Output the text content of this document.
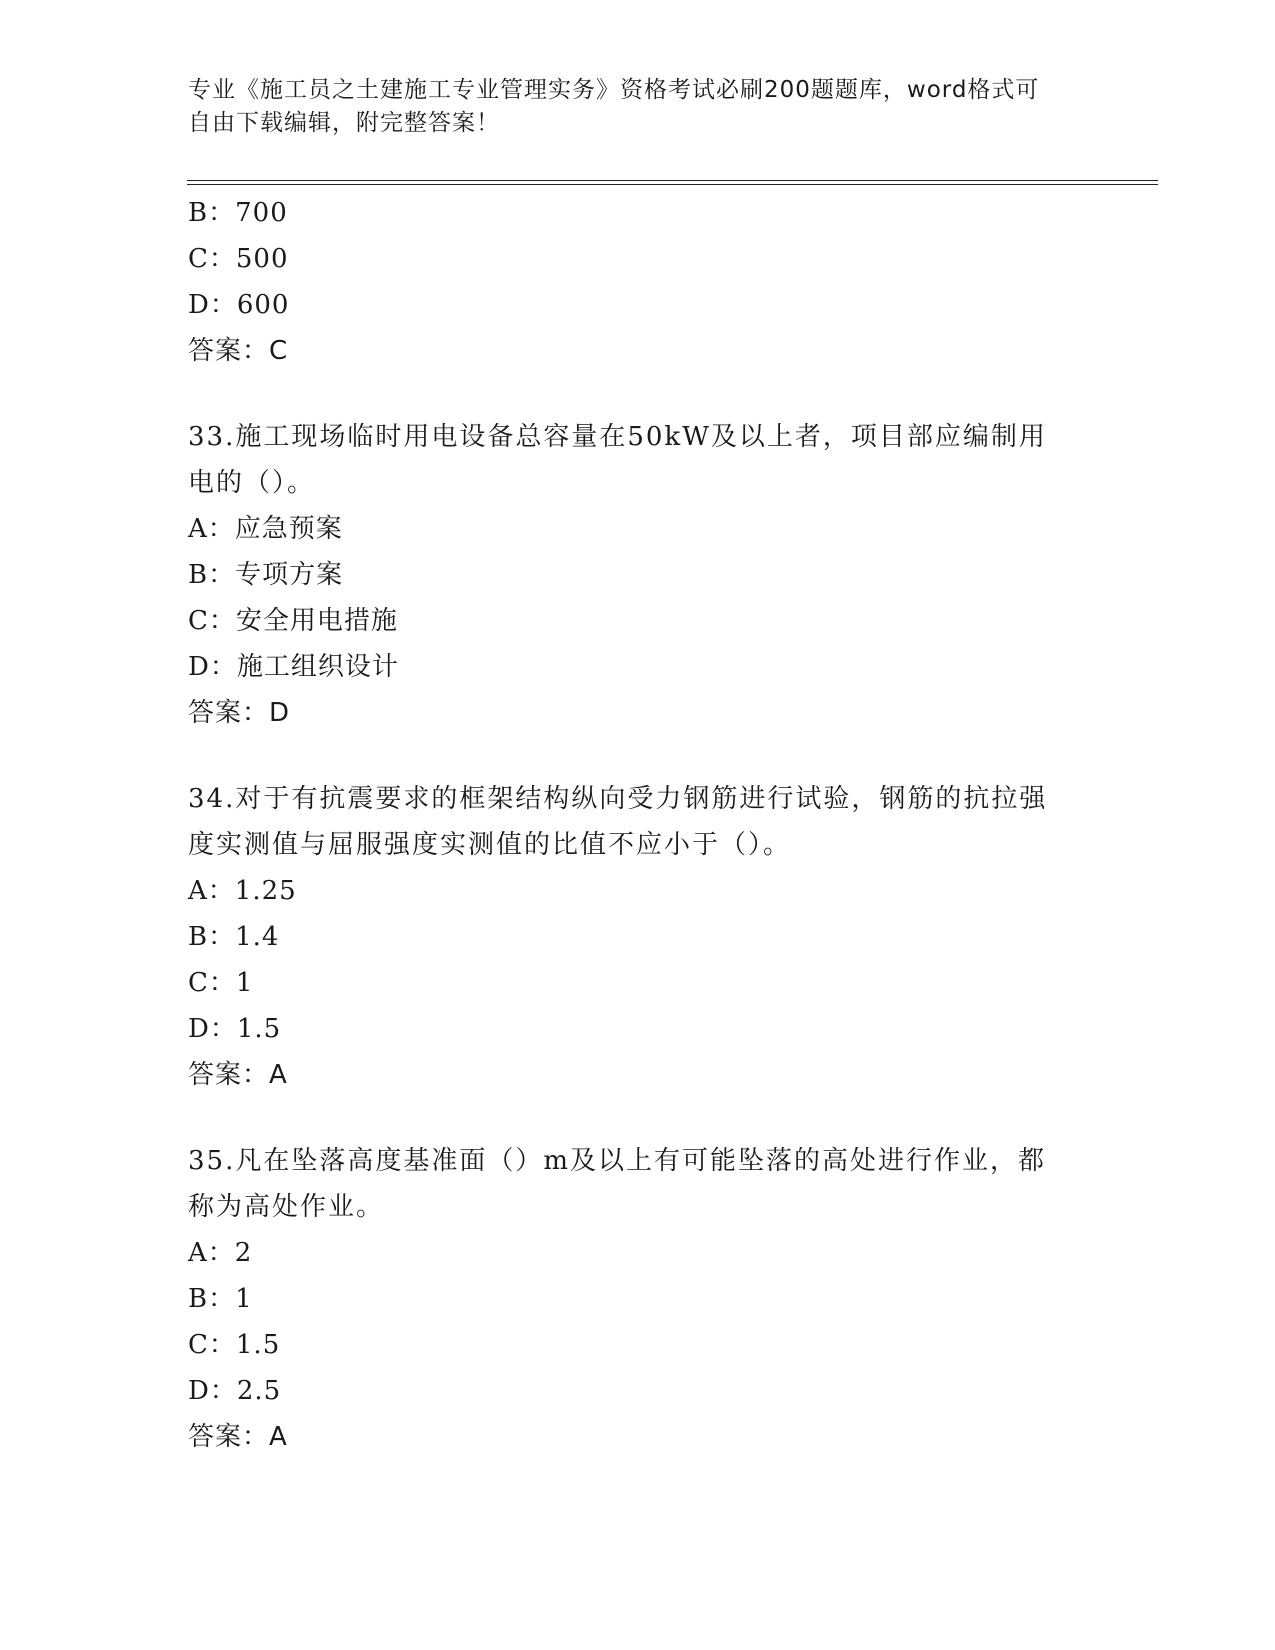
专业《施工员之土建施工专业管理实务》资格考试必刷200题题库，word格式可
自由下载编辑，附完整答案！
B：700
C：500
D：600
答案：C
33.施工现场临时用电设备总容量在50kW及以上者，项目部应编制用
电的（）。
A：应急预案
B：专项方案
C：安全用电措施
D：施工组织设计
答案：D
34.对于有抗震要求的框架结构纵向受力钢筋进行试验，钢筋的抗拉强
度实测值与屈服强度实测值的比值不应小于（）。
A：1.25
B：1.4
C：1
D：1.5
答案：A
35.凡在坠落高度基准面（）m及以上有可能坠落的高处进行作业，都
称为高处作业。
A：2
B：1
C：1.5
D：2.5
答案：A
